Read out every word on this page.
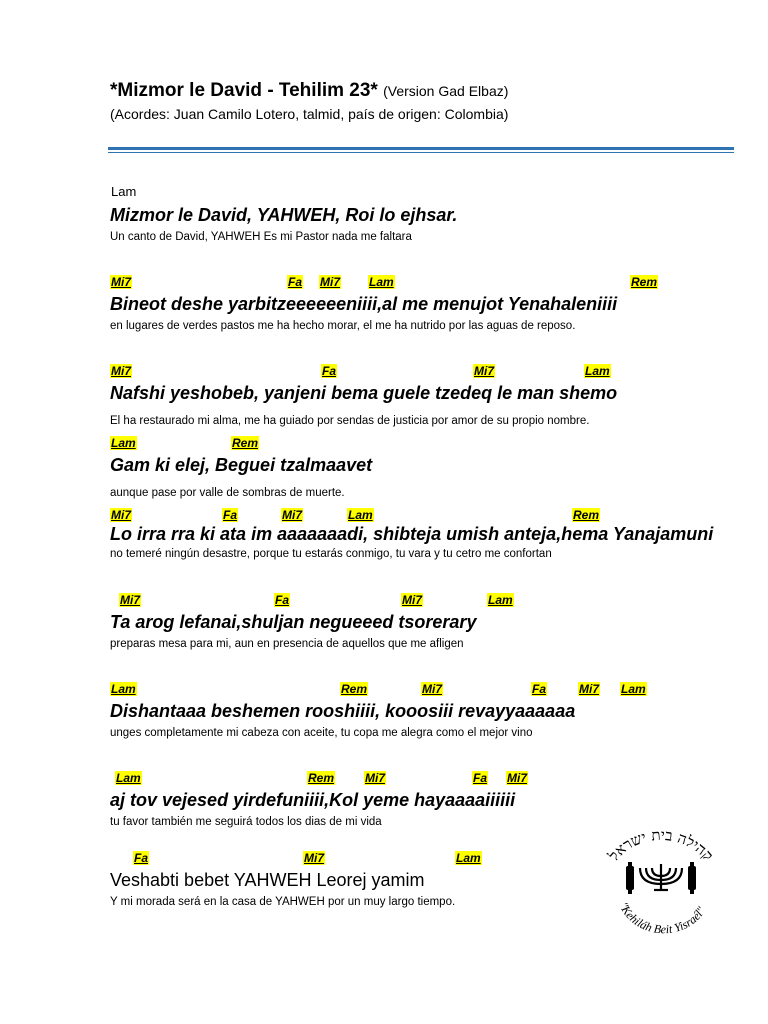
*Mizmor le David - Tehilim 23* (Version Gad Elbaz)
(Acordes: Juan Camilo Lotero, talmid, país de origen: Colombia)
Lam
Mizmor le David, YAHWEH, Roi lo ejhsar.
Un canto de David, YAHWEH Es mi Pastor nada me faltara
Mi7	Fa Mi7 Lam	Rem
Bineot deshe yarbitzeeeeeeniiii,al me menujot Yenahaleniiii
en lugares de verdes pastos me ha hecho morar, el me ha nutrido por las aguas de reposo.
Mi7	Fa	Mi7	Lam
Nafshi yeshobeb, yanjeni bema guele tzedeq le man shemo
El ha restaurado mi alma, me ha guiado por sendas de justicia por amor de su propio nombre.
Lam	Rem
Gam ki elej, Beguei tzalmaavet
aunque pase por valle de sombras de muerte.
Mi7	Fa	Mi7	Lam	Rem
Lo irra rra ki ata im aaaaaaadi, shibteja umish anteja,hema Yanajamuni
no temeré ningún desastre, porque tu estarás conmigo, tu vara y tu cetro me confortan
Mi7	Fa	Mi7	Lam
Ta arog lefanai,shuljan negueeed tsorerary
preparas mesa para mi, aun en presencia de aquellos que me afligen
Lam	Rem	Mi7	Fa	Mi7 Lam
Dishantaaa beshemen rooshiiii, kooosiii revayyaaaaaa
unges completamente mi cabeza con aceite, tu copa me alegra como el mejor vino
Lam	Rem	Mi7	Fa Mi7
aj tov vejesed yirdefuniiii,Kol yeme hayaaaaiiiiii
tu favor también me seguirá todos los dias de mi vida
Fa	Mi7	Lam
Veshabti bebet YAHWEH Leorej yamim
Y mi morada será en la casa de YAHWEH por un muy largo tiempo.
קהילה בית ישראל
"Kehiláh Beit Yisraél"
